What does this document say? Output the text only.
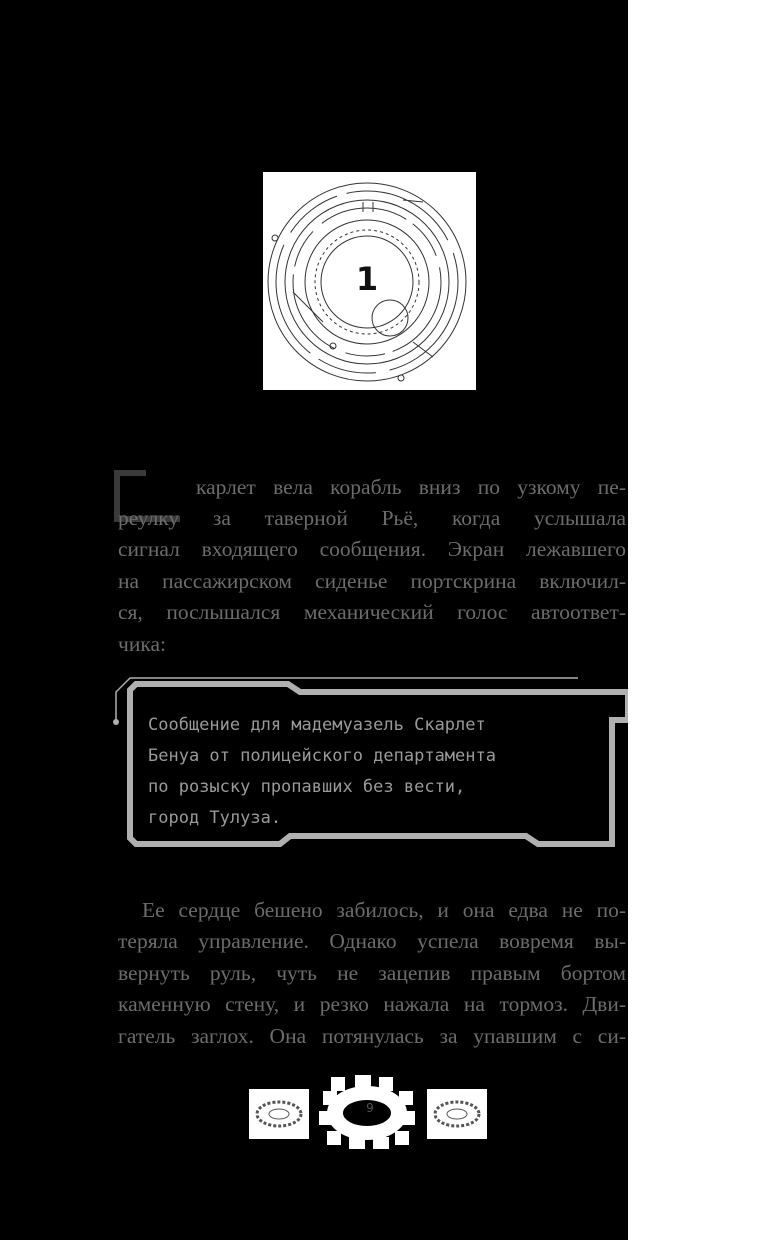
1
карлет вела корабль вниз по узкому пе-
реулку за таверной Рьё, когда услышала
сигнал входящего сообщения. Экран лежавшего
на пассажирском сиденье портскрина включил-
ся, послышался механический голос автоответ-
чика:
Сообщение для мадемуазель Скарлет
Бенуа от полицейского департамента
по розыску пропавших без вести,
город Тулуза.
Ее сердце бешено забилось, и она едва не по-
теряла управление. Однако успела вовремя вы-
вернуть руль, чуть не зацепив правым бортом
каменную стену, и резко нажала на тормоз. Дви-
гатель заглох. Она потянулась за упавшим с си-
9
